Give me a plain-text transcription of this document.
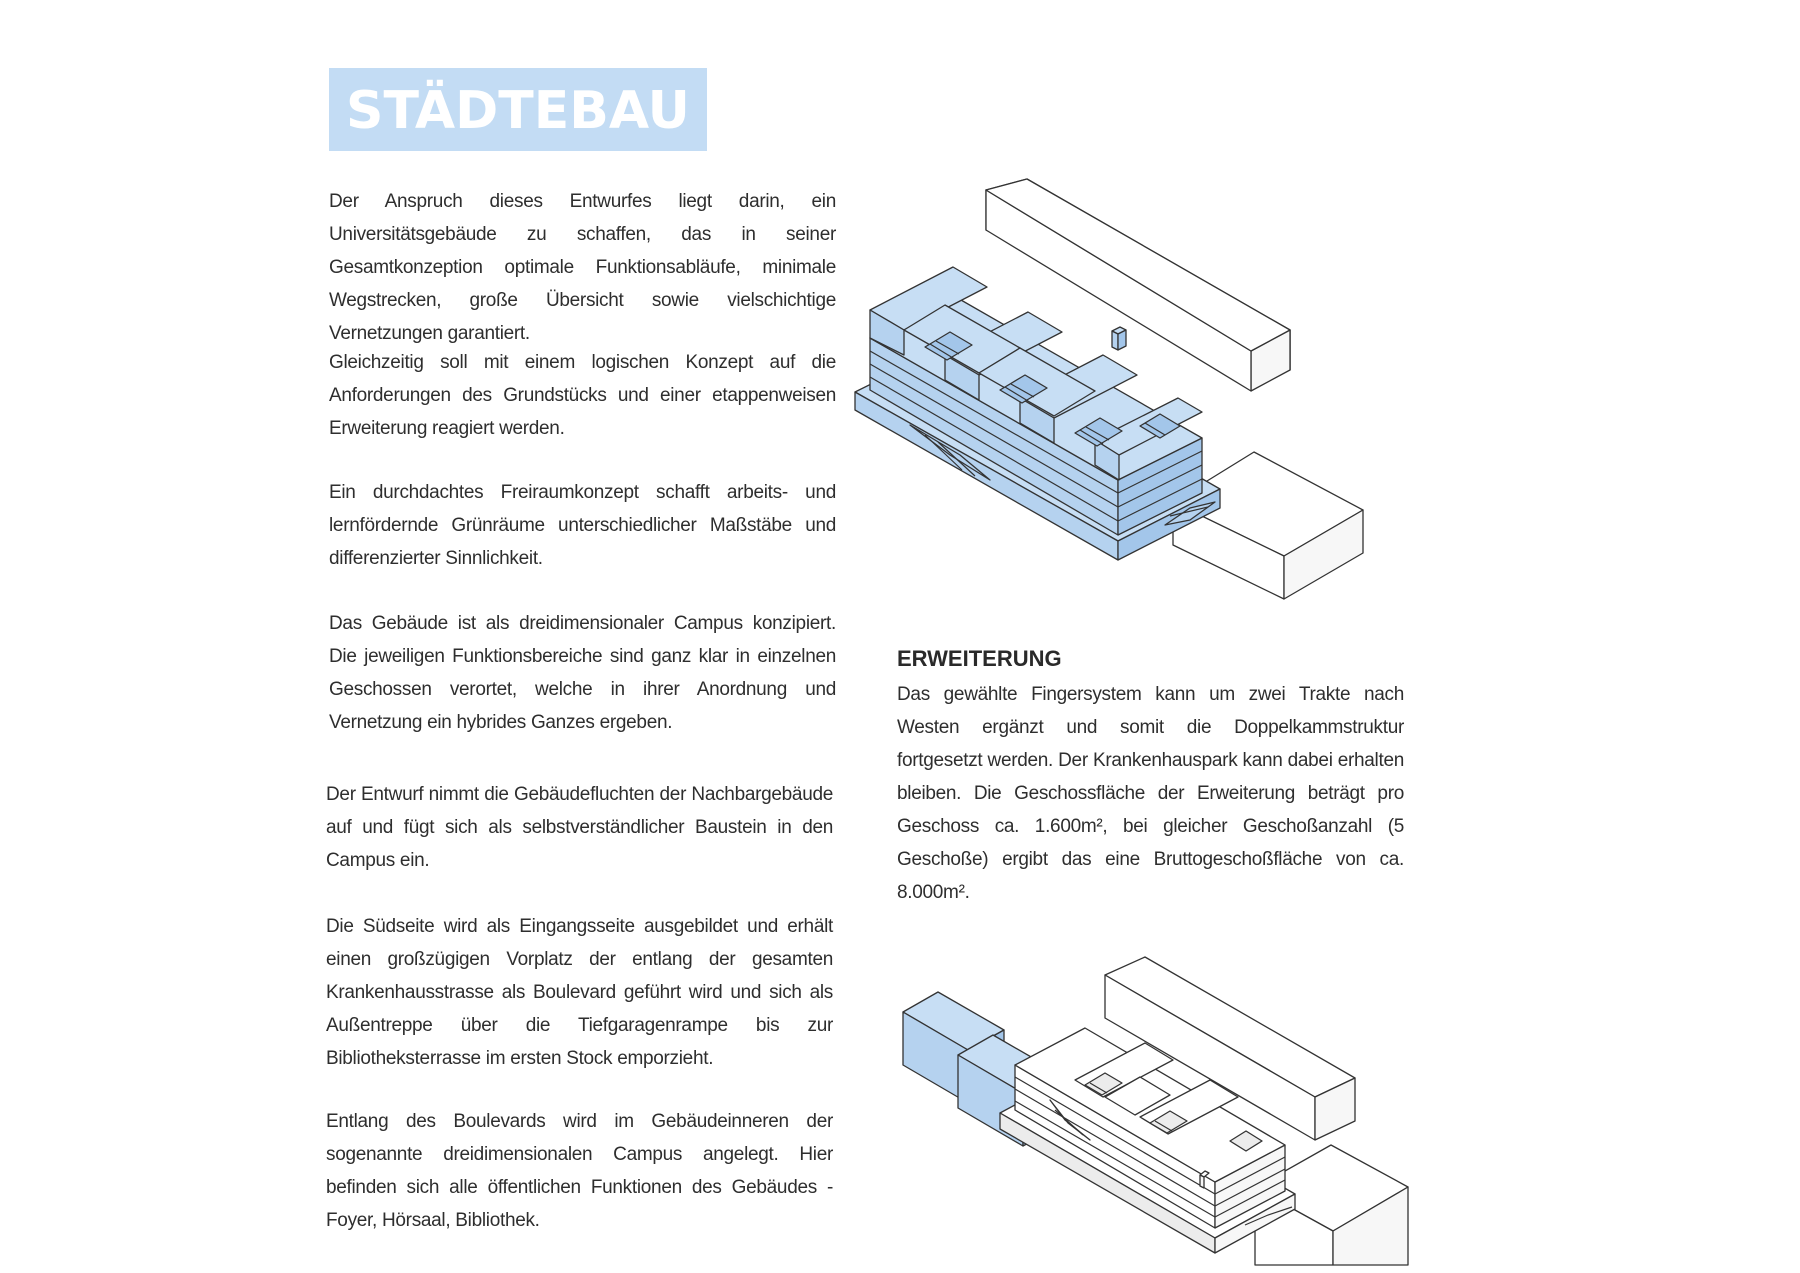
STÄDTEBAU

Der Anspruch dieses Entwurfes liegt darin, ein Universitätsgebäude zu schaffen, das in seiner Gesamtkonzeption optimale Funktionsabläufe, minimale Wegstrecken, große Übersicht sowie vielschichtige Vernetzungen garantiert.

Gleichzeitig soll mit einem logischen Konzept auf die Anforderungen des Grundstücks und einer etappenweisen Erweiterung reagiert werden.

Ein durchdachtes Freiraumkonzept schafft arbeits- und lernfördernde Grünräume unterschiedlicher Maßstäbe und differenzierter Sinnlichkeit.

Das Gebäude ist als dreidimensionaler Campus konzipiert. Die jeweiligen Funktionsbereiche sind ganz klar in einzelnen Geschossen verortet, welche in ihrer Anordnung und Vernetzung ein hybrides Ganzes ergeben.

Der Entwurf nimmt die Gebäudefluchten der Nachbargebäude auf und fügt sich als selbstverständlicher Baustein in den Campus ein.

Die Südseite wird als Eingangsseite ausgebildet und erhält einen großzügigen Vorplatz der entlang der gesamten Krankenhausstrasse als Boulevard geführt wird und sich als Außentreppe über die Tiefgaragenrampe bis zur Bibliotheksterrasse im ersten Stock emporzieht.

Entlang des Boulevards wird im Gebäudeinneren der sogenannte dreidimensionalen Campus angelegt. Hier befinden sich alle öffentlichen Funktionen des Gebäudes - Foyer, Hörsaal, Bibliothek.

ERWEITERUNG

Das gewählte Fingersystem kann um zwei Trakte nach Westen ergänzt und somit die Doppelkammstruktur fortgesetzt werden. Der Krankenhauspark kann dabei erhalten bleiben. Die Geschossfläche der Erweiterung beträgt pro Geschoss ca. 1.600m², bei gleicher Geschoßanzahl (5 Geschoße) ergibt das eine Bruttogeschoßfläche von ca. 8.000m².
